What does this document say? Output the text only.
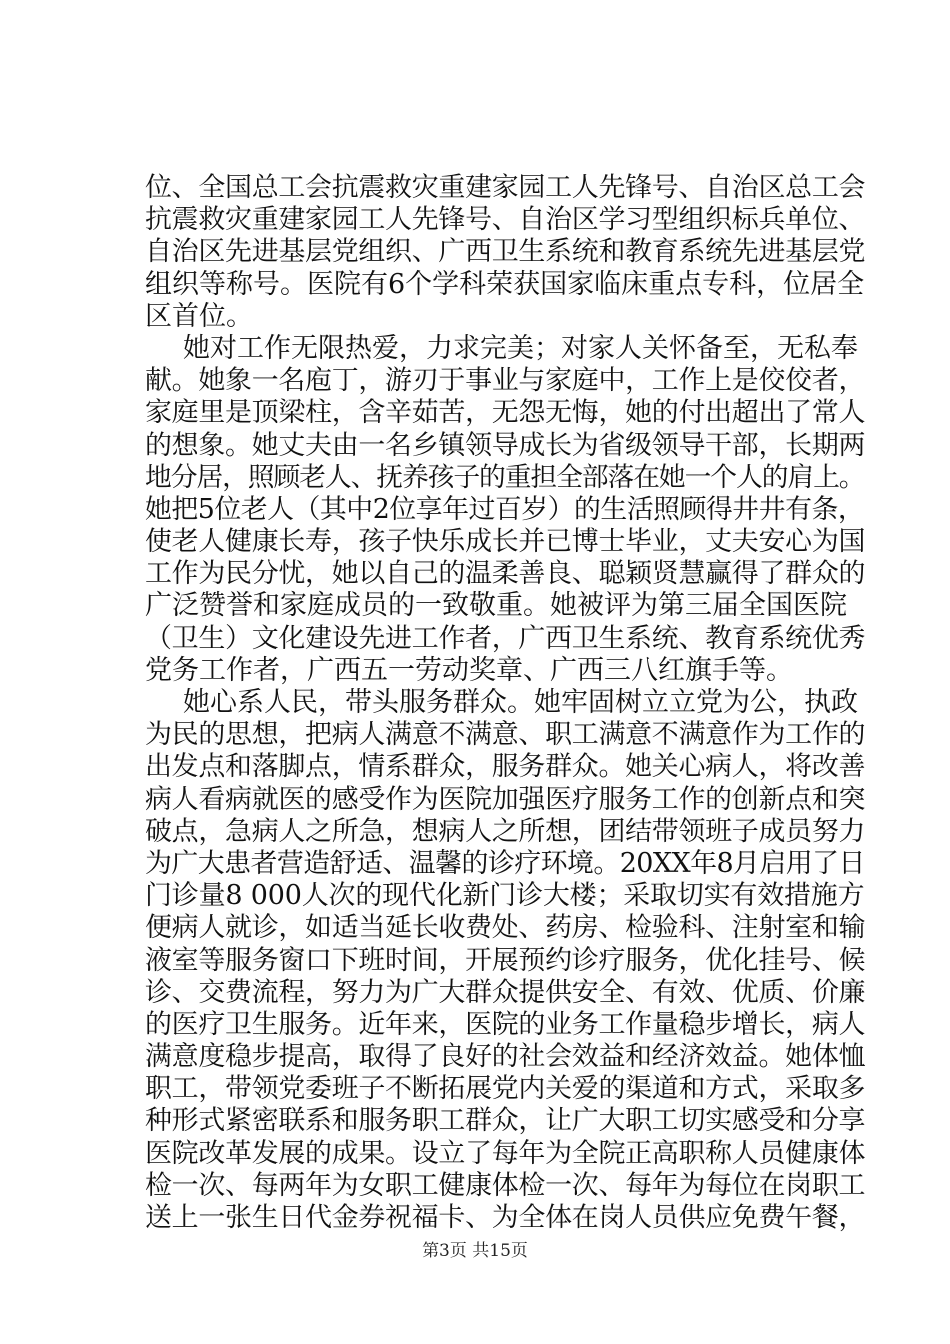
位、全国总工会抗震救灾重建家园工人先锋号、自治区总工会
抗震救灾重建家园工人先锋号、自治区学习型组织标兵单位、
自治区先进基层党组织、广西卫生系统和教育系统先进基层党
组织等称号。医院有6个学科荣获国家临床重点专科，位居全
区首位。
她对工作无限热爱，力求完美；对家人关怀备至，无私奉
献。她象一名庖丁，游刃于事业与家庭中，工作上是佼佼者，
家庭里是顶梁柱，含辛茹苦，无怨无悔，她的付出超出了常人
的想象。她丈夫由一名乡镇领导成长为省级领导干部，长期两
地分居，照顾老人、抚养孩子的重担全部落在她一个人的肩上。
她把5位老人（其中2位享年过百岁）的生活照顾得井井有条，
使老人健康长寿，孩子快乐成长并已博士毕业，丈夫安心为国
工作为民分忧，她以自己的温柔善良、聪颖贤慧赢得了群众的
广泛赞誉和家庭成员的一致敬重。她被评为第三届全国医院
（卫生）文化建设先进工作者，广西卫生系统、教育系统优秀
党务工作者，广西五一劳动奖章、广西三八红旗手等。
她心系人民，带头服务群众。她牢固树立立党为公，执政
为民的思想，把病人满意不满意、职工满意不满意作为工作的
出发点和落脚点，情系群众，服务群众。她关心病人，将改善
病人看病就医的感受作为医院加强医疗服务工作的创新点和突
破点，急病人之所急，想病人之所想，团结带领班子成员努力
为广大患者营造舒适、温馨的诊疗环境。20XX年8月启用了日
门诊量8 000人次的现代化新门诊大楼；采取切实有效措施方
便病人就诊，如适当延长收费处、药房、检验科、注射室和输
液室等服务窗口下班时间，开展预约诊疗服务，优化挂号、候
诊、交费流程，努力为广大群众提供安全、有效、优质、价廉
的医疗卫生服务。近年来，医院的业务工作量稳步增长，病人
满意度稳步提高，取得了良好的社会效益和经济效益。她体恤
职工，带领党委班子不断拓展党内关爱的渠道和方式，采取多
种形式紧密联系和服务职工群众，让广大职工切实感受和分享
医院改革发展的成果。设立了每年为全院正高职称人员健康体
检一次、每两年为女职工健康体检一次、每年为每位在岗职工
送上一张生日代金券祝福卡、为全体在岗人员供应免费午餐，
第3页 共15页
